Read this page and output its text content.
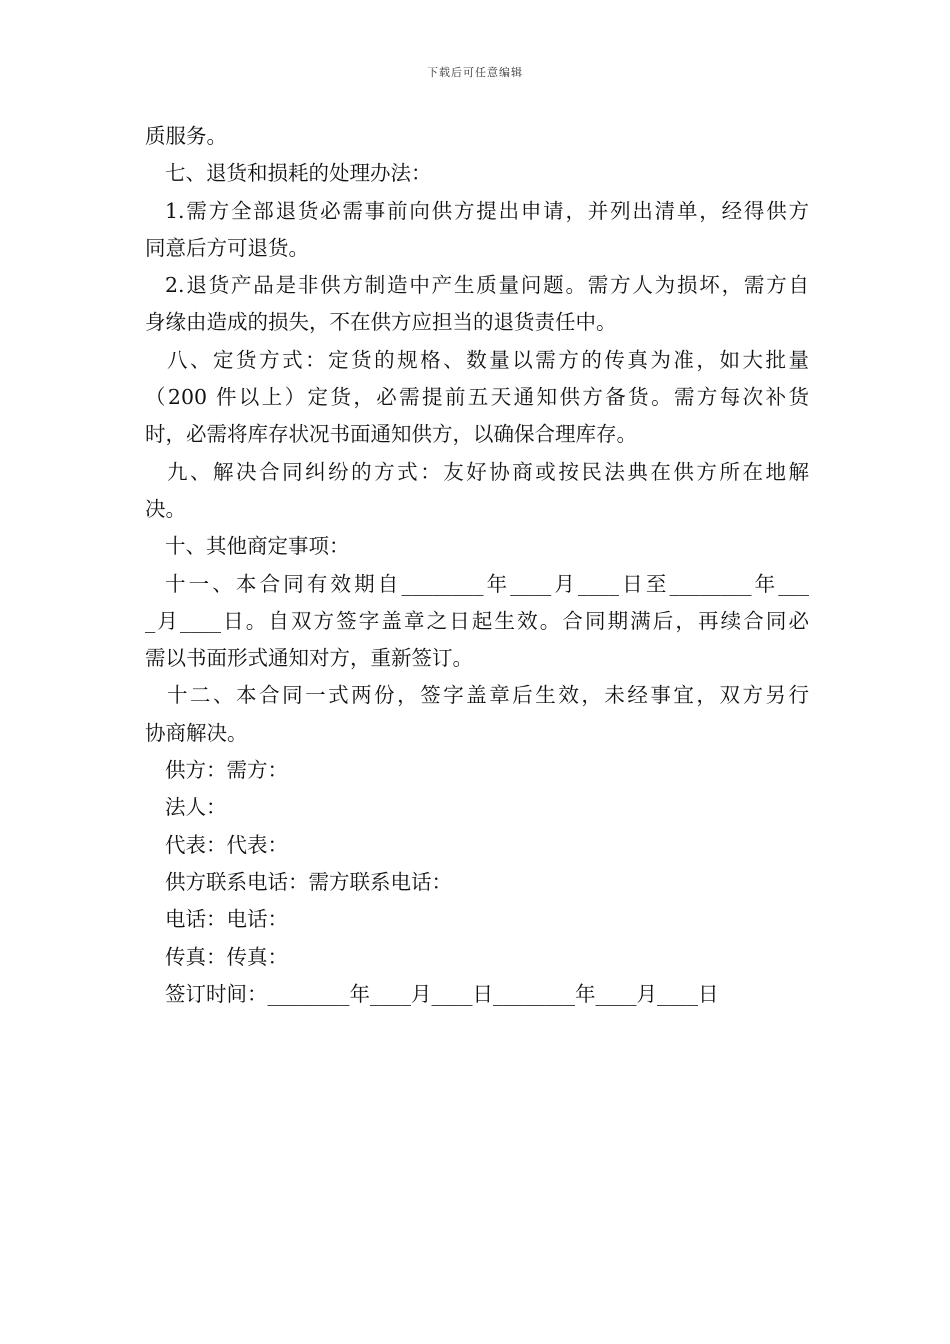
下载后可任意编辑

质服务。

七、退货和损耗的处理办法：

1.需方全部退货必需事前向供方提出申请，并列出清单，经得供方

同意后方可退货。

2.退货产品是非供方制造中产生质量问题。需方人为损坏，需方自

身缘由造成的损失，不在供方应担当的退货责任中。

八、定货方式：定货的规格、数量以需方的传真为准，如大批量

（200 件以上）定货，必需提前五天通知供方备货。需方每次补货

时，必需将库存状况书面通知供方，以确保合理库存。

九、解决合同纠纷的方式：友好协商或按民法典在供方所在地解

决。

十、其他商定事项：

十一、本合同有效期自________年____月____日至________年___

_月____日。自双方签字盖章之日起生效。合同期满后，再续合同必

需以书面形式通知对方，重新签订。

十二、本合同一式两份，签字盖章后生效，未经事宜，双方另行

协商解决。

供方：需方：

法人：

代表：代表：

供方联系电话：需方联系电话：

电话：电话：

传真：传真：

签订时间：________年____月____日________年____月____日
